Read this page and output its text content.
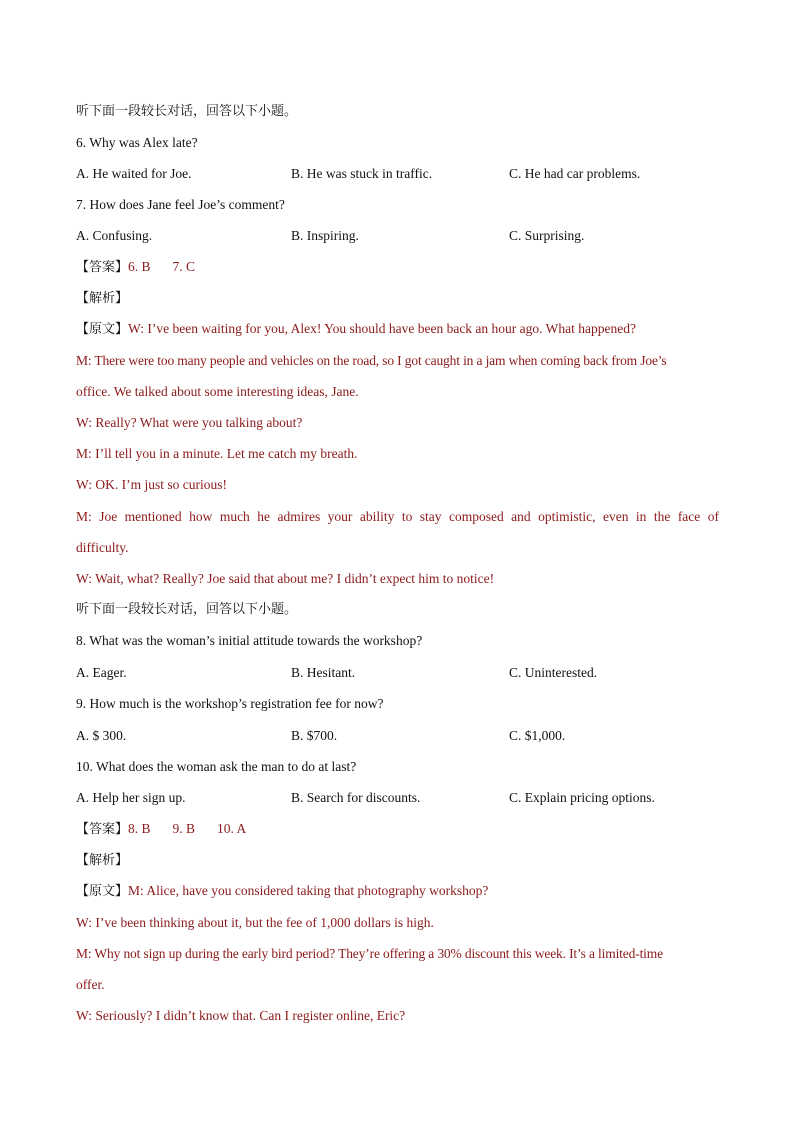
听下面一段较长对话，回答以下小题。
6. Why was Alex late?
A. He waited for Joe.	B. He was stuck in traffic.	C. He had car problems.
7. How does Jane feel Joe’s comment?
A. Confusing.	B. Inspiring.	C. Surprising.
【答案】6. B 7. C
【解析】
【原文】W: I’ve been waiting for you, Alex! You should have been back an hour ago. What happened?
M: There were too many people and vehicles on the road, so I got caught in a jam when coming back from Joe’s
office. We talked about some interesting ideas, Jane.
W: Really? What were you talking about?
M: I’ll tell you in a minute. Let me catch my breath.
W: OK. I’m just so curious!
M: Joe mentioned how much he admires your ability to stay composed and optimistic, even in the face of
difficulty.
W: Wait, what? Really? Joe said that about me? I didn’t expect him to notice!
听下面一段较长对话，回答以下小题。
8. What was the woman’s initial attitude towards the workshop?
A. Eager.	B. Hesitant.	C. Uninterested.
9. How much is the workshop’s registration fee for now?
A. $ 300.	B. $700.	C. $1,000.
10. What does the woman ask the man to do at last?
A. Help her sign up.	B. Search for discounts.	C. Explain pricing options.
【答案】8. B 9. B 10. A
【解析】
【原文】M: Alice, have you considered taking that photography workshop?
W: I’ve been thinking about it, but the fee of 1,000 dollars is high.
M: Why not sign up during the early bird period? They’re offering a 30% discount this week. It’s a limited-time
offer.
W: Seriously? I didn’t know that. Can I register online, Eric?
